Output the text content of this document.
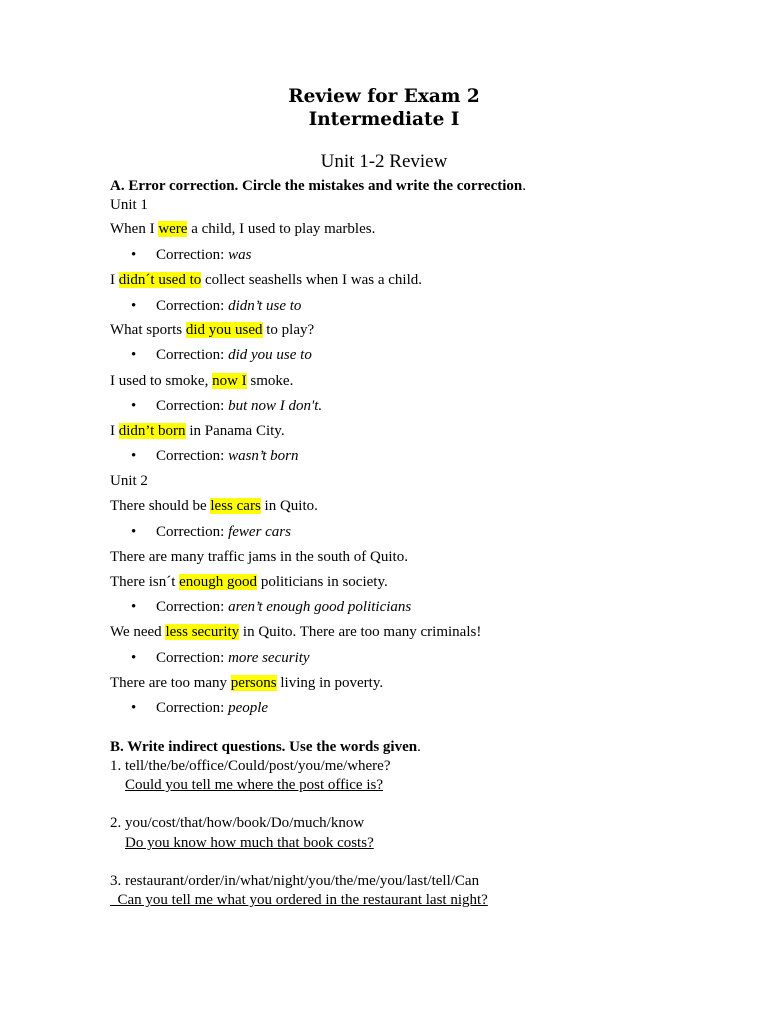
Review for Exam 2
Intermediate I
Unit 1-2 Review
A. Error correction. Circle the mistakes and write the correction.
Unit 1
When I were a child, I used to play marbles.
• Correction: was
I didn´t used to collect seashells when I was a child.
• Correction: didn’t use to
What sports did you used to play?
• Correction: did you use to
I used to smoke, now I smoke.
• Correction: but now I don't.
I didn’t born in Panama City.
• Correction: wasn’t born
Unit 2
There should be less cars in Quito.
• Correction: fewer cars
There are many traffic jams in the south of Quito.
There isn´t enough good politicians in society.
• Correction: aren’t enough good politicians
We need less security in Quito. There are too many criminals!
• Correction: more security
There are too many persons living in poverty.
• Correction: people
B. Write indirect questions. Use the words given.
1. tell/the/be/office/Could/post/you/me/where?
Could you tell me where the post office is?
2. you/cost/that/how/book/Do/much/know
Do you know how much that book costs?
3. restaurant/order/in/what/night/you/the/me/you/last/tell/Can
Can you tell me what you ordered in the restaurant last night?
